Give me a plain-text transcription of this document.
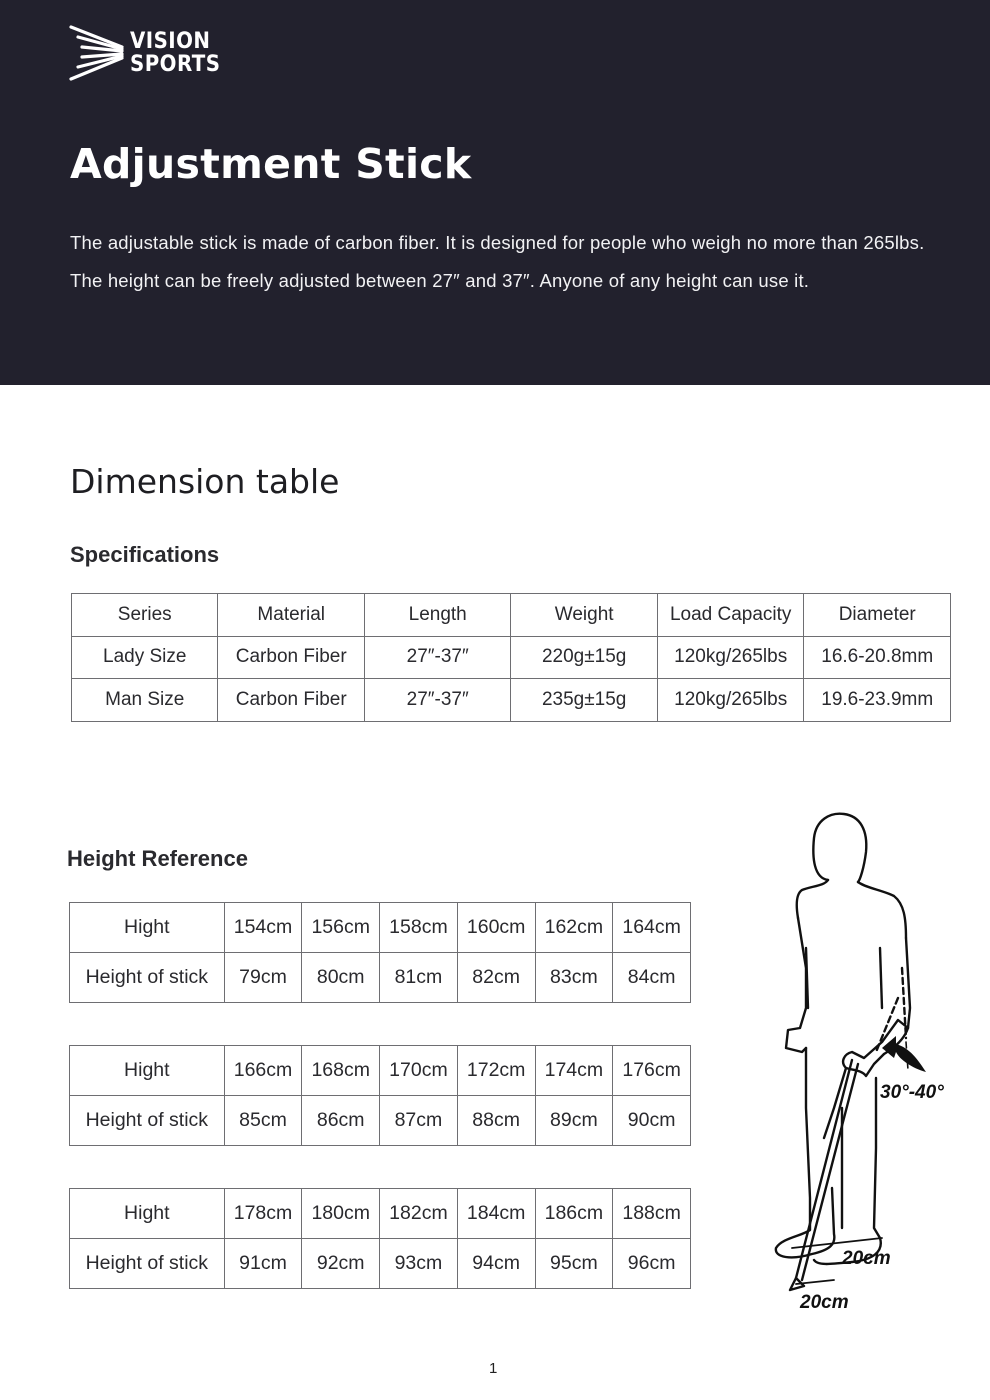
VISION
SPORTS
Adjustment Stick

The adjustable stick is made of carbon fiber. It is designed for people who weigh no more than 265lbs. The height can be freely adjusted between 27″ and 37″. Anyone of any height can use it.

Dimension table
Specifications
Series	Material	Length	Weight	Load Capacity	Diameter
Lady Size	Carbon Fiber	27″-37″	220g±15g	120kg/265lbs	16.6-20.8mm
Man Size	Carbon Fiber	27″-37″	235g±15g	120kg/265lbs	19.6-23.9mm
Height Reference
Hight	154cm	156cm	158cm	160cm	162cm	164cm
Height of stick	79cm	80cm	81cm	82cm	83cm	84cm
Hight	166cm	168cm	170cm	172cm	174cm	176cm
Height of stick	85cm	86cm	87cm	88cm	89cm	90cm
Hight	178cm	180cm	182cm	184cm	186cm	188cm
Height of stick	91cm	92cm	93cm	94cm	95cm	96cm
30°-40°
20cm
20cm
1
